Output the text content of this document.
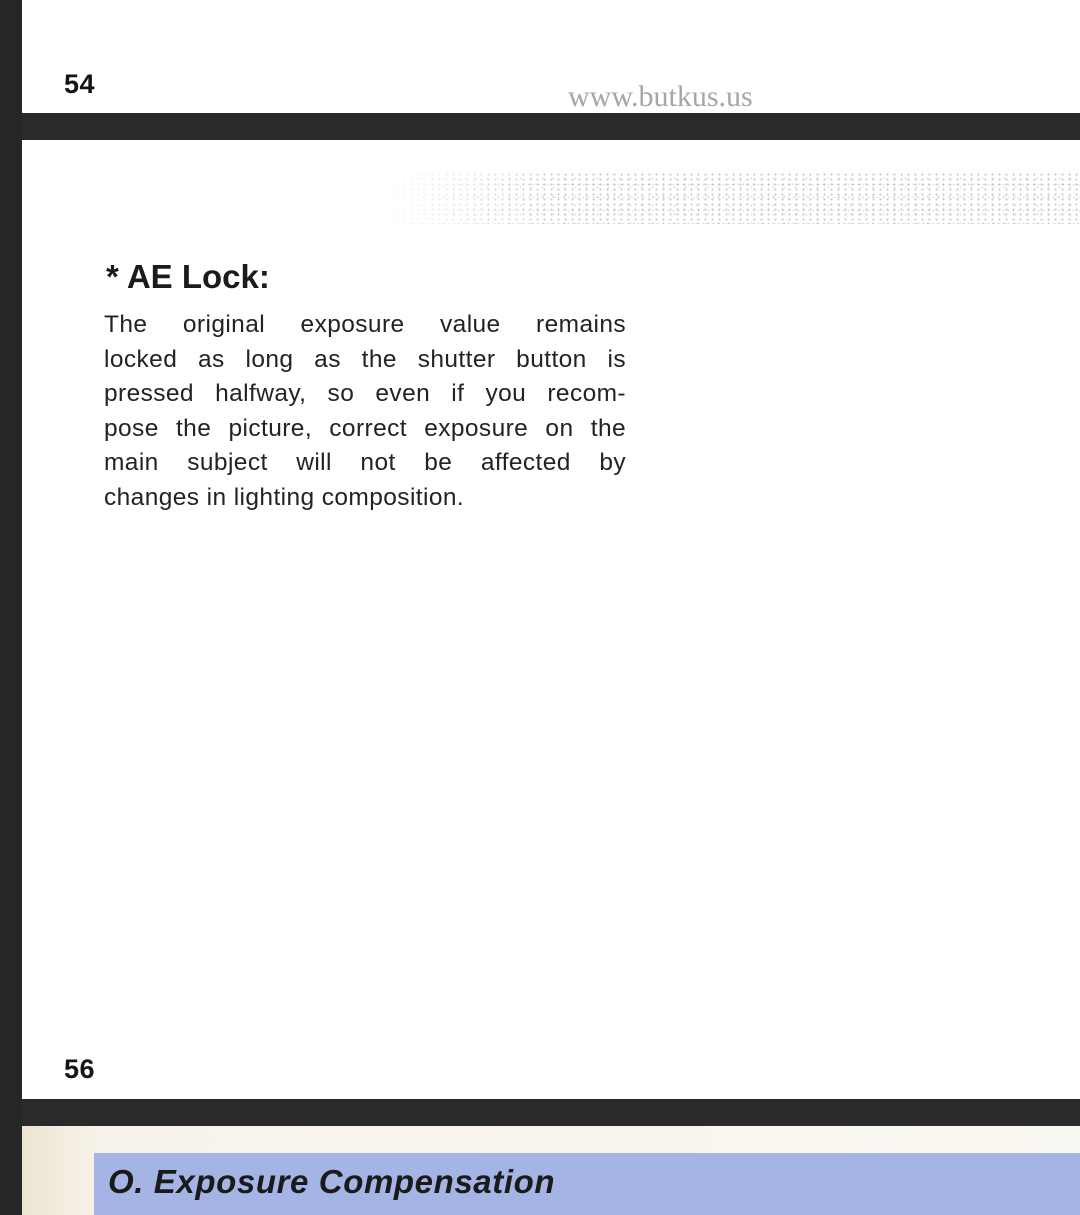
54	www.butkus.us
* AE Lock:
The original exposure value remains
locked as long as the shutter button is
pressed halfway, so even if you recom-
pose the picture, correct exposure on the
main subject will not be affected by
changes in lighting composition.
56
O. Exposure Compensation
